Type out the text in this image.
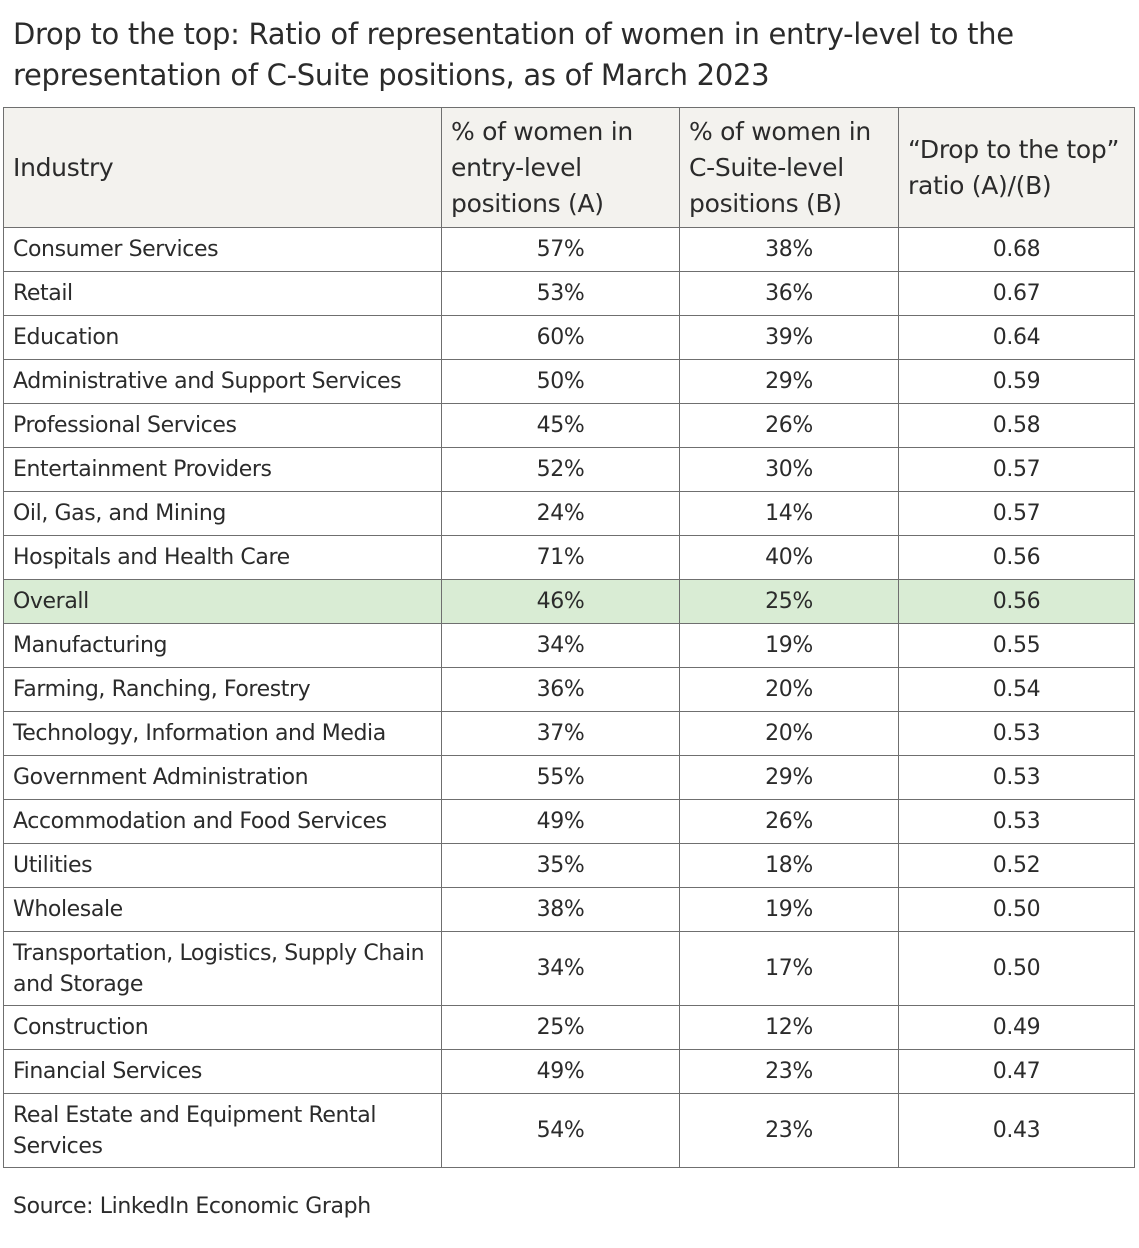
Drop to the top: Ratio of representation of women in entry-level to the representation of C-Suite positions, as of March 2023
Industry	% of women in entry-level positions (A)	% of women in C-Suite-level positions (B)	“Drop to the top” ratio (A)/(B)
Consumer Services	57%	38%	0.68
Retail	53%	36%	0.67
Education	60%	39%	0.64
Administrative and Support Services	50%	29%	0.59
Professional Services	45%	26%	0.58
Entertainment Providers	52%	30%	0.57
Oil, Gas, and Mining	24%	14%	0.57
Hospitals and Health Care	71%	40%	0.56
Overall	46%	25%	0.56
Manufacturing	34%	19%	0.55
Farming, Ranching, Forestry	36%	20%	0.54
Technology, Information and Media	37%	20%	0.53
Government Administration	55%	29%	0.53
Accommodation and Food Services	49%	26%	0.53
Utilities	35%	18%	0.52
Wholesale	38%	19%	0.50
Transportation, Logistics, Supply Chain and Storage	34%	17%	0.50
Construction	25%	12%	0.49
Financial Services	49%	23%	0.47
Real Estate and Equipment Rental Services	54%	23%	0.43
Source: LinkedIn Economic Graph
